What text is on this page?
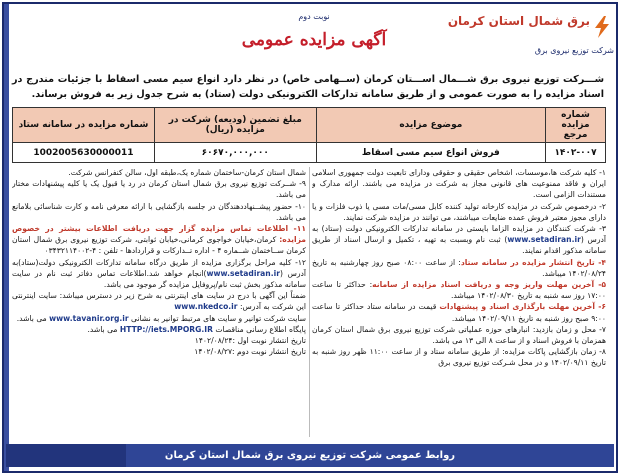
نوبت دوم
آگهی مزایده عمومی
برق شمال استان کرمان
شرکت توزیع نیروی برق
شـــرکت توزیع نیروی برق شـــمال اســـتان کرمان (ســهامی خاص) در نظر دارد انواع سیم مسی اسقاط با جزئیات مندرج در اسناد مزایده را به صورت عمومی و از طریق سامانه تدارکات الکترونیکی دولت (ستاد) به شرح جدول زیر به فروش برساند.
شماره مزایده مرجع	موضوع مزایده	مبلغ تضمین (ودیعه) شرکت در مزایده (ریال)	شماره مزایده در سامانه ستاد
۱۴۰۲-۰۰۷	فروش انواع سیم مسی اسقاط	۶۰۶۷۰,۰۰۰,۰۰۰	1002005630000011

۱- کلیه شرکت ها،موسسات، اشخاص حقیقی و حقوقی ودارای تابعیت دولت جمهوری اسلامی ایران و فاقد ممنوعیت های قانونی مجاز به شرکت در مزایده می باشند. ارائه مدارک و مستندات الزامی است.

۲- درخصوص شرکت در مزایده کارخانه تولید کننده کابل مسی/مات مسی یا ذوب فلزات و یا دارای مجوز معتبر فروش عمده ضایعات میباشند، می توانند در مزایده شرکت نمایند.

۳- شرکت کنندگان در مزایده الزاما بایستی در سامانه تدارکات الکترونیکی دولت (ستاد) به آدرس (www.setadiran.ir) ثبت نام وبسبت به تهیه ، تکمیل و ارسال اسناد از طریق سامانه مذکور اقدام نمایند.

۴- تاریخ انتشار مزایده در سامانه ستاد: از ساعت ۰۸:۰۰ صبح روز چهارشنبه به تاریخ ۱۴۰۲/۰۸/۲۴ میباشد.

۵- آخرین مهلت واریز وجه و دریافت اسناد مزایده از سامانه: حداکثر تا ساعت ۱۷:۰۰ روز سه شنبه به تاریخ ۱۴۰۲/۰۸/۳۰ میباشد.

۶- آخرین مهلت بارگذاری اسناد و پیشنهادات قیمت در سامانه ستاد حداکثر تا ساعت ۹:۰۰ صبح روز شنبه به تاریخ ۱۴۰۲/۰۹/۱۱ میباشد.

۷- محل و زمان بازدید: انبارهای حوزه عملیاتی شرکت توزیع نیروی برق شمال استان کرمان همزمان با فروش اسناد و از ساعت ۸ الی ۱۳ می باشد.

۸- زمان بازگشایی پاکات مزایده: از طریق سامانه ستاد و از ساعت ۱۱:۰۰ ظهر روز شنبه به تاریخ ۱۴۰۲/۰۹/۱۱ و در محل شـرکت توزیع نیروی برق

شمال استان کرمان-ساختمان شماره یک،طبقه اول، سالن کنفرانس شرکت.

۹- شــرکت توزیع نیروی برق شمال استان کرمان در رد یا قبول یک یا کلیه پیشنهادات مختار می باشد.

۱۰- حضور پیشــنهاددهندگان در جلسه بازگشایی با ارائه معرفی نامه و کارت شناسائی بلامانع می باشد.

۱۱- اطلاعات تماس مزایده گزار جهت دریافت اطلاعات بیشتر در خصوص مزایده: کرمان،خیابان خواجوی کرمانی،خیابان ثوابتی، شرکت توزیع نیروی برق شمال استان کرمان ســاختمان شــماره ۴ - اداره تــدارکات و قراردادها - تلفن : ۴-۰۳۴۳۲۱۱۴۰۰۲

۱۲- کلیه مراحل برگزاری مزایده از طریق درگاه سامانه تدارکات الکترونیکی دولت(ستاد)به آدرس (www.setadiran.ir)انجام خواهد شد.اطلاعات تماس دفاتر ثبت نام در سایت سامانه مذکور بخش ثبت نام/پروفایل مزایده گر موجود می باشد.

ضمناً این آگهی با درج در سایت های اینترنتی به شرح زیر در دسترس میباشد: سایت اینترنتی این شرکت به آدرس: www.nkedco.ir

سایت شرکت توانیر و سایت های مرتبط توانیر به نشانی www.tavanir.org.ir می باشد.

پایگاه اطلاع رسانی مناقصات HTTP://iets.MPORG.IR می باشد.

تاریخ انتشار نوبت اول :۱۴۰۲/۰۸/۲۴

تاریخ انتشار نوبت دوم :۱۴۰۲/۰۸/۲۷

روابط عمومی شرکت توزیع نیروی برق شمال استان کرمان
